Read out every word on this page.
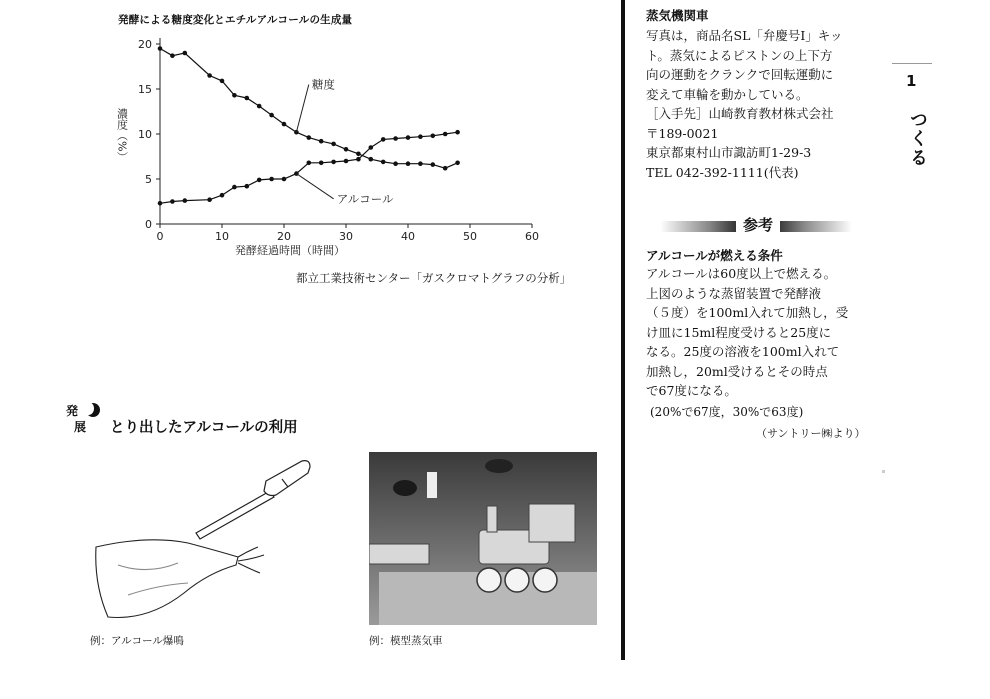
発酵による糖度変化とエチルアルコールの生成量
0
5
10
15
20
0	10	20	30	40	50	60
発酵経過時間（時間）
濃度（%）
糖度
アルコール
都立工業技術センター「ガスクロマトグラフの分析」
発
展 とり出したアルコールの利用
例：アルコール爆鳴	例：模型蒸気車
蒸気機関車

写真は，商品名SL「弁慶号I」キッ

ト。蒸気によるピストンの上下方

向の運動をクランクで回転運動に

変えて車輪を動かしている。

［入手先］山崎教育教材株式会社

〒189-0021

東京都東村山市諏訪町1-29-3

TEL 042-392-1111(代表)

参考
アルコールが燃える条件

アルコールは60度以上で燃える。

上図のような蒸留装置で発酵液

（５度）を100ml入れて加熱し，受

け皿に15ml程度受けると25度に

なる。25度の溶液を100ml入れて

加熱し，20ml受けるとその時点

で67度になる。

(20%で67度，30%で63度)
（サントリー㈱より）
1
つくる
